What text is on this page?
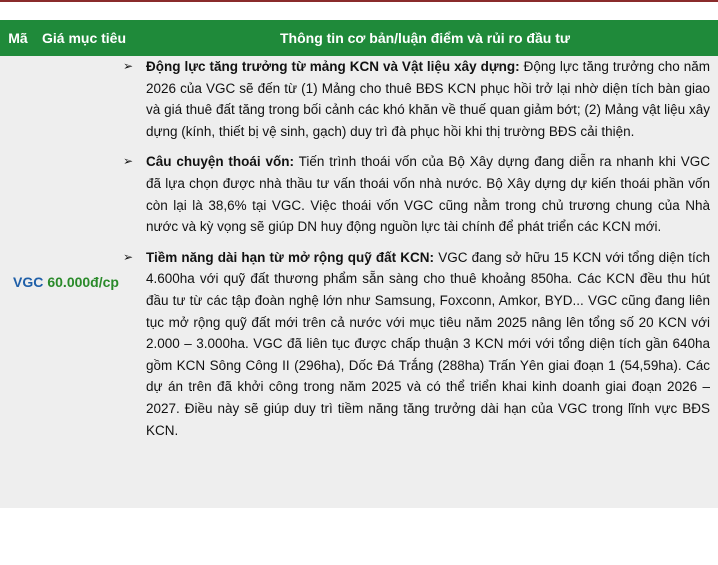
Mã	Giá mục tiêu	Thông tin cơ bản/luận điểm và rủi ro đầu tư
VGC 60.000đ/cp
➢ Động lực tăng trưởng từ mảng KCN và Vật liệu xây dựng: Động lực tăng trưởng cho năm 2026 của VGC sẽ đến từ (1) Mảng cho thuê BĐS KCN phục hồi trở lại nhờ diện tích bàn giao và giá thuê đất tăng trong bối cảnh các khó khăn về thuế quan giảm bớt; (2) Mảng vật liệu xây dựng (kính, thiết bị vệ sinh, gạch) duy trì đà phục hồi khi thị trường BĐS cải thiện.
➢ Câu chuyện thoái vốn: Tiến trình thoái vốn của Bộ Xây dựng đang diễn ra nhanh khi VGC đã lựa chọn được nhà thầu tư vấn thoái vốn nhà nước. Bộ Xây dựng dự kiến thoái phần vốn còn lại là 38,6% tại VGC. Việc thoái vốn VGC cũng nằm trong chủ trương chung của Nhà nước và kỳ vọng sẽ giúp DN huy động nguồn lực tài chính để phát triển các KCN mới.
➢ Tiềm năng dài hạn từ mở rộng quỹ đất KCN: VGC đang sở hữu 15 KCN với tổng diện tích 4.600ha với quỹ đất thương phẩm sẵn sàng cho thuê khoảng 850ha. Các KCN đều thu hút đầu tư từ các tập đoàn nghệ lớn như Samsung, Foxconn, Amkor, BYD... VGC cũng đang liên tục mở rộng quỹ đất mới trên cả nước với mục tiêu năm 2025 nâng lên tổng số 20 KCN với 2.000 – 3.000ha. VGC đã liên tục được chấp thuận 3 KCN mới với tổng diện tích gần 640ha gồm KCN Sông Công II (296ha), Dốc Đá Trắng (288ha) Trấn Yên giai đoạn 1 (54,59ha). Các dự án trên đã khởi công trong năm 2025 và có thể triển khai kinh doanh giai đoạn 2026 – 2027. Điều này sẽ giúp duy trì tiềm năng tăng trưởng dài hạn của VGC trong lĩnh vực BĐS KCN.
